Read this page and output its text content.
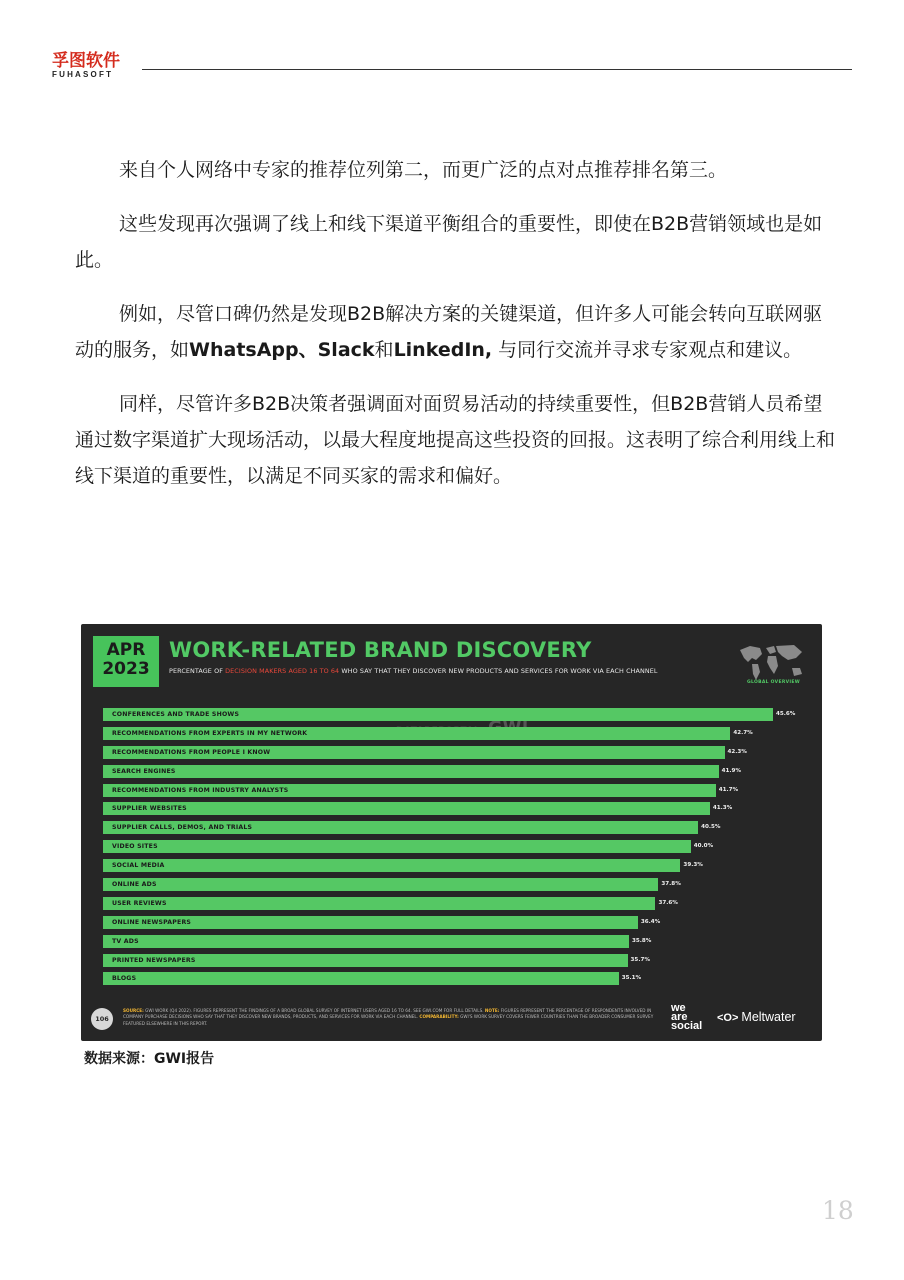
孚图软件
FUHASOFT

来自个人网络中专家的推荐位列第二，而更广泛的点对点推荐排名第三。

这些发现再次强调了线上和线下渠道平衡组合的重要性，即使在B2B营销领域也是如此。

例如，尽管口碑仍然是发现B2B解决方案的关键渠道，但许多人可能会转向互联网驱动的服务，如WhatsApp、Slack和LinkedIn, 与同行交流并寻求专家观点和建议。

同样，尽管许多B2B决策者强调面对面贸易活动的持续重要性，但B2B营销人员希望通过数字渠道扩大现场活动，以最大程度地提高这些投资的回报。这表明了综合利用线上和线下渠道的重要性，以满足不同买家的需求和偏好。

APR
2023
WORK-RELATED BRAND DISCOVERY
PERCENTAGE OF DECISION MAKERS AGED 16 TO 64 WHO SAY THAT THEY DISCOVER NEW PRODUCTS AND SERVICES FOR WORK VIA EACH CHANNEL
GLOBAL OVERVIEW
CONFERENCES AND TRADE SHOWS	45.6%
RECOMMENDATIONS FROM EXPERTS IN MY NETWORK	42.7%
RECOMMENDATIONS FROM PEOPLE I KNOW	42.3%
SEARCH ENGINES	41.9%
RECOMMENDATIONS FROM INDUSTRY ANALYSTS	41.7%
SUPPLIER WEBSITES	41.3%
SUPPLIER CALLS, DEMOS, AND TRIALS	40.5%
VIDEO SITES	40.0%
SOCIAL MEDIA	39.3%
ONLINE ADS	37.8%
USER REVIEWS	37.6%
ONLINE NEWSPAPERS	36.4%
TV ADS	35.8%
PRINTED NEWSPAPERS	35.7%
BLOGS	35.1%
106
SOURCE: GWI WORK (Q4 2022). FIGURES REPRESENT THE FINDINGS OF A BROAD GLOBAL SURVEY OF INTERNET USERS AGED 16 TO 64. SEE GWI.COM FOR FULL DETAILS. NOTE: FIGURES REPRESENT THE PERCENTAGE OF RESPONDENTS INVOLVED IN COMPANY PURCHASE DECISIONS WHO SAY THAT THEY DISCOVER NEW BRANDS, PRODUCTS, AND SERVICES FOR WORK VIA EACH CHANNEL. COMPARABILITY: GWI'S WORK SURVEY COVERS FEWER COUNTRIES THAN THE BROADER CONSUMER SURVEY FEATURED ELSEWHERE IN THIS REPORT.
we
are
social
<O> Meltwater
数据来源：GWI报告
18
